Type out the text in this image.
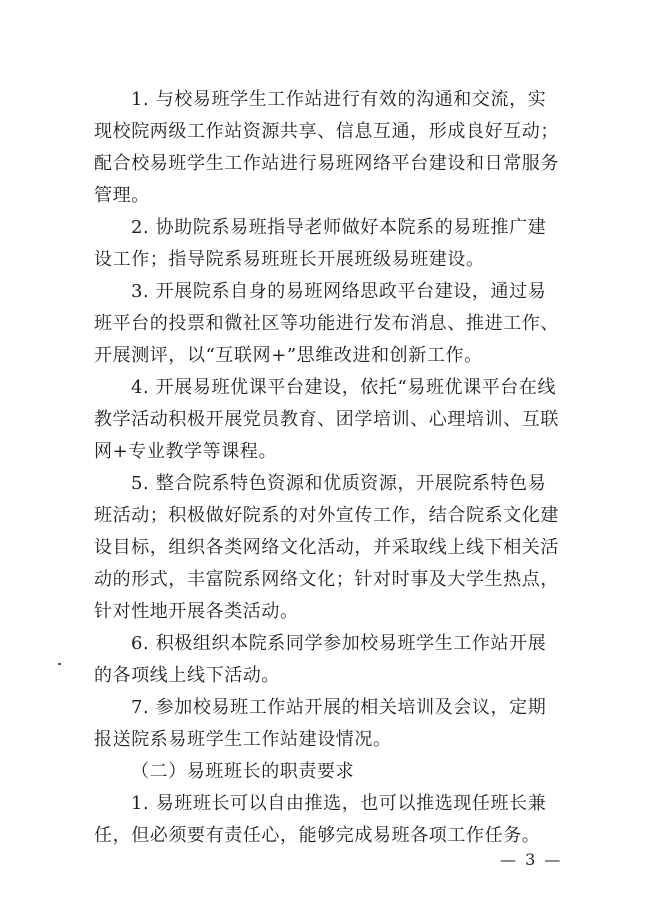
1. 与校易班学生工作站进行有效的沟通和交流，实现校院两级工作站资源共享、信息互通，形成良好互动；配合校易班学生工作站进行易班网络平台建设和日常服务管理。

2. 协助院系易班指导老师做好本院系的易班推广建设工作；指导院系易班班长开展班级易班建设。

3. 开展院系自身的易班网络思政平台建设，通过易班平台的投票和微社区等功能进行发布消息、推进工作、开展测评，以“互联网+”思维改进和创新工作。

4. 开展易班优课平台建设，依托“易班优课平台在线教学活动积极开展党员教育、团学培训、心理培训、互联网+专业教学等课程。

5. 整合院系特色资源和优质资源，开展院系特色易班活动；积极做好院系的对外宣传工作，结合院系文化建设目标，组织各类网络文化活动，并采取线上线下相关活动的形式，丰富院系网络文化；针对时事及大学生热点，针对性地开展各类活动。

6. 积极组织本院系同学参加校易班学生工作站开展的各项线上线下活动。

7. 参加校易班工作站开展的相关培训及会议，定期报送院系易班学生工作站建设情况。

（二）易班班长的职责要求

1. 易班班长可以自由推选，也可以推选现任班长兼任，但必须要有责任心，能够完成易班各项工作任务。

— 3 —
